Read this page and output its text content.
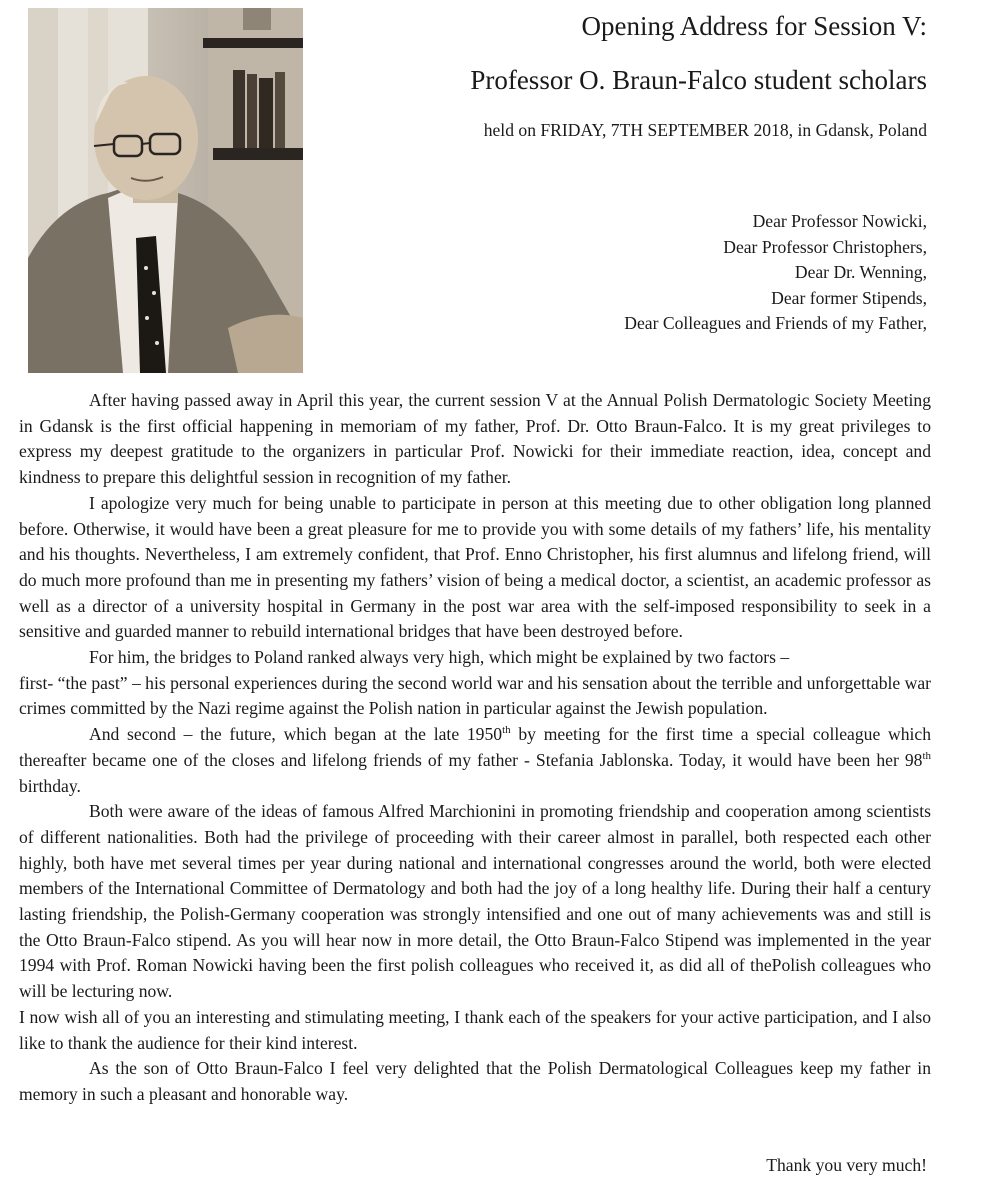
Opening Address for Session V:
Professor O. Braun-Falco student scholars
held on FRIDAY, 7TH SEPTEMBER 2018, in Gdansk, Poland
Dear Professor Nowicki,
Dear Professor Christophers,
Dear Dr. Wenning,
Dear former Stipends,
Dear Colleagues and Friends of my Father,

After having passed away in April this year, the current session V at the Annual Polish Dermatologic Society Meeting in Gdansk is the first official happening in memoriam of my father, Prof. Dr. Otto Braun-Falco. It is my great privileges to express my deepest gratitude to the organizers in particular Prof. Nowicki for their immediate reaction, idea, concept and kindness to prepare this delightful session in recognition of my father.

I apologize very much for being unable to participate in person at this meeting due to other obligation long planned before. Otherwise, it would have been a great pleasure for me to provide you with some details of my fathers’ life, his mentality and his thoughts. Nevertheless, I am extremely confident, that Prof. Enno Christopher, his first alumnus and lifelong friend, will do much more profound than me in presenting my fathers’ vision of being a medical doctor, a scientist, an academic professor as well as a director of a university hospital in Germany in the post war area with the self-imposed responsibility to seek in a sensitive and guarded manner to rebuild international bridges that have been destroyed before.

For him, the bridges to Poland ranked always very high, which might be explained by two factors –

first- “the past” – his personal experiences during the second world war and his sensation about the terrible and unforgettable war crimes committed by the Nazi regime against the Polish nation in particular against the Jewish population.

And second – the future, which began at the late 1950th by meeting for the first time a special colleague which thereafter became one of the closes and lifelong friends of my father - Stefania Jablonska. Today, it would have been her 98th birthday.

Both were aware of the ideas of famous Alfred Marchionini in promoting friendship and cooperation among scientists of different nationalities. Both had the privilege of proceeding with their career almost in parallel, both respected each other highly, both have met several times per year during national and international congresses around the world, both were elected members of the International Committee of Dermatology and both had the joy of a long healthy life. During their half a century lasting friendship, the Polish-Germany cooperation was strongly intensified and one out of many achievements was and still is the Otto Braun-Falco stipend. As you will hear now in more detail, the Otto Braun-Falco Stipend was implemented in the year 1994 with Prof. Roman Nowicki having been the first polish colleagues who received it, as did all of thePolish colleagues who will be lecturing now.

I now wish all of you an interesting and stimulating meeting, I thank each of the speakers for your active participation, and I also like to thank the audience for their kind interest.

As the son of Otto Braun-Falco I feel very delighted that the Polish Dermatological Colleagues keep my father in memory in such a pleasant and honorable way.

Thank you very much!
